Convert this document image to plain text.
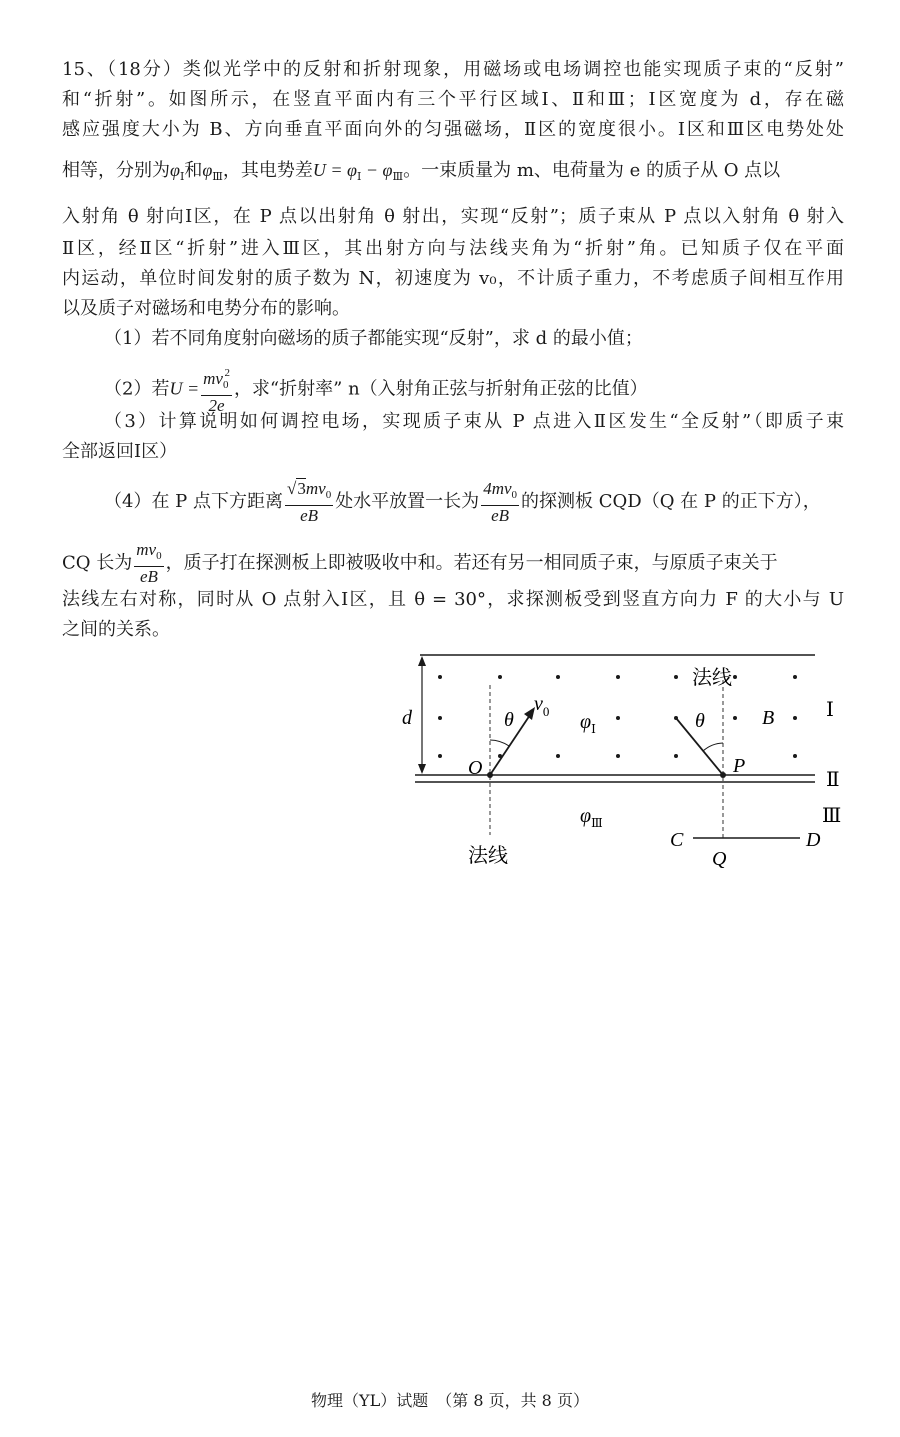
15、（18分）类似光学中的反射和折射现象，用磁场或电场调控也能实现质子束的“反射”
和“折射”。如图所示，在竖直平面内有三个平行区域Ⅰ、Ⅱ和Ⅲ；Ⅰ区宽度为 d，存在磁
感应强度大小为 B、方向垂直平面向外的匀强磁场，Ⅱ区的宽度很小。Ⅰ区和Ⅲ区电势处处
相等，分别为$\varphi_Ⅰ$和$\varphi_Ⅲ$，其电势差$U = \varphi_Ⅰ - \varphi_Ⅲ$。一束质量为 m、电荷量为 e 的质子从 O 点以
入射角 θ 射向Ⅰ区，在 P 点以出射角 θ 射出，实现“反射”；质子束从 P 点以入射角 θ 射入
Ⅱ区，经Ⅱ区“折射”进入Ⅲ区，其出射方向与法线夹角为“折射”角。已知质子仅在平面
内运动，单位时间发射的质子数为 N，初速度为 v₀，不计质子重力，不考虑质子间相互作用
以及质子对磁场和电势分布的影响。
（1）若不同角度射向磁场的质子都能实现“反射”，求 d 的最小值；
（2）若$U = \frac{mv_0^2}{2e}$ ，求“折射率” n（入射角正弦与折射角正弦的比值）
（3）计算说明如何调控电场，实现质子束从 P 点进入Ⅱ区发生“全反射”（即质子束
全部返回Ⅰ区）
（4）在 P 点下方距离 $\frac{√3mv_0}{eB}$ 处水平放置一长为 $\frac{4mv_0}{eB}$ 的探测板 CQD（Q 在 P 的正下方），
CQ 长为 $\frac{mv_0}{eB}$ ，质子打在探测板上即被吸收中和。若还有另一相同质子束，与原质子束关于
法线左右对称，同时从 O 点射入Ⅰ区，且 θ = 30°，求探测板受到竖直方向力 F 的大小与 U
之间的关系。
d	θ
$v_0$
O
$\varphi_Ⅰ$	θ
P
B
法线
Ⅰ
Ⅱ
Ⅲ
$\varphi_Ⅲ$
C
Q
D
法线
物理（YL）试题　（第 8 页，共 8 页）
